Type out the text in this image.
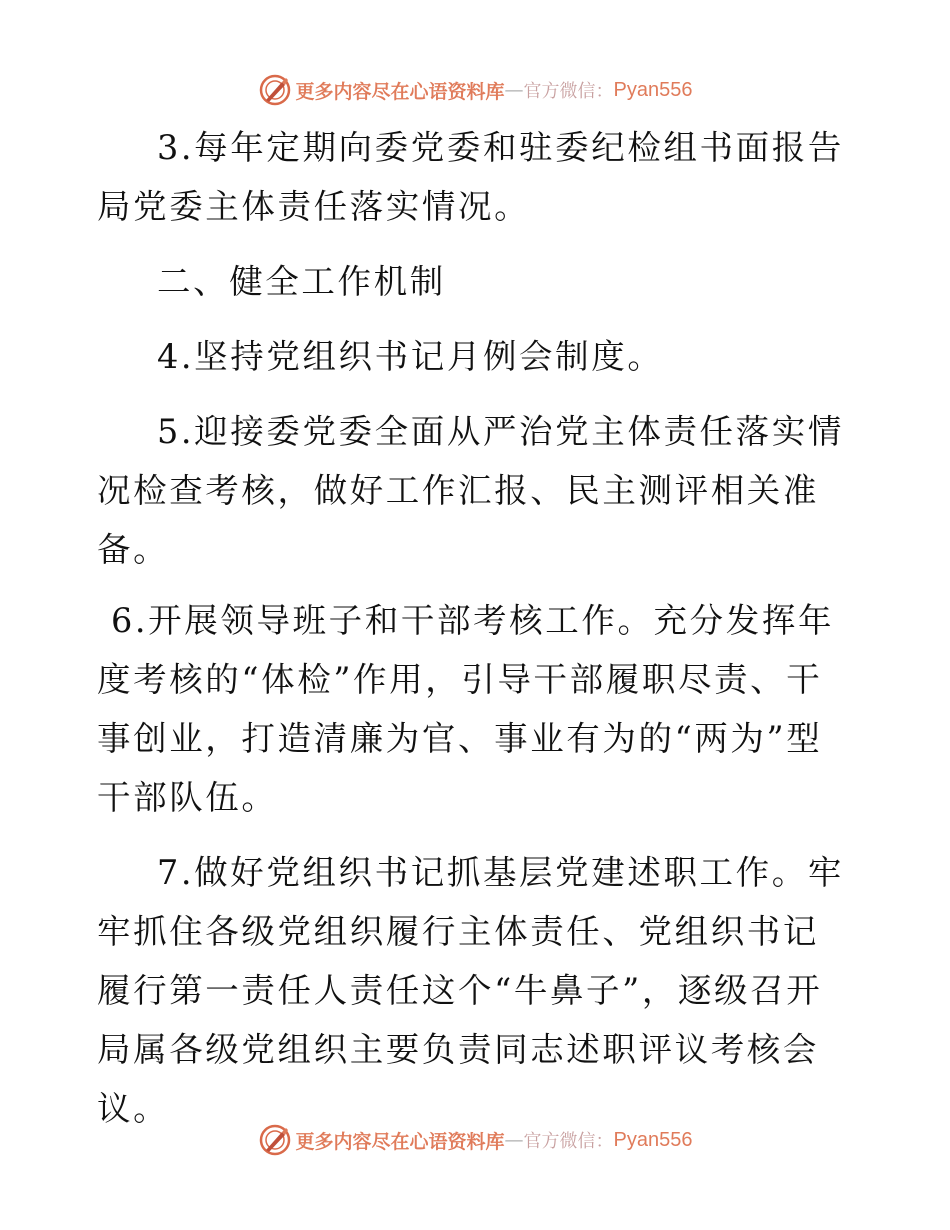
更多内容尽在心语资料库 — 官方微信： Pyan556

3.每年定期向委党委和驻委纪检组书面报告局党委主体责任落实情况。

二、健全工作机制

4.坚持党组织书记月例会制度。

5.迎接委党委全面从严治党主体责任落实情况检查考核，做好工作汇报、民主测评相关准备。

6.开展领导班子和干部考核工作。充分发挥年度考核的“体检”作用，引导干部履职尽责、干事创业，打造清廉为官、事业有为的“两为”型干部队伍。

7.做好党组织书记抓基层党建述职工作。牢牢抓住各级党组织履行主体责任、党组织书记履行第一责任人责任这个“牛鼻子”，逐级召开局属各级党组织主要负责同志述职评议考核会议。

更多内容尽在心语资料库 — 官方微信： Pyan556
